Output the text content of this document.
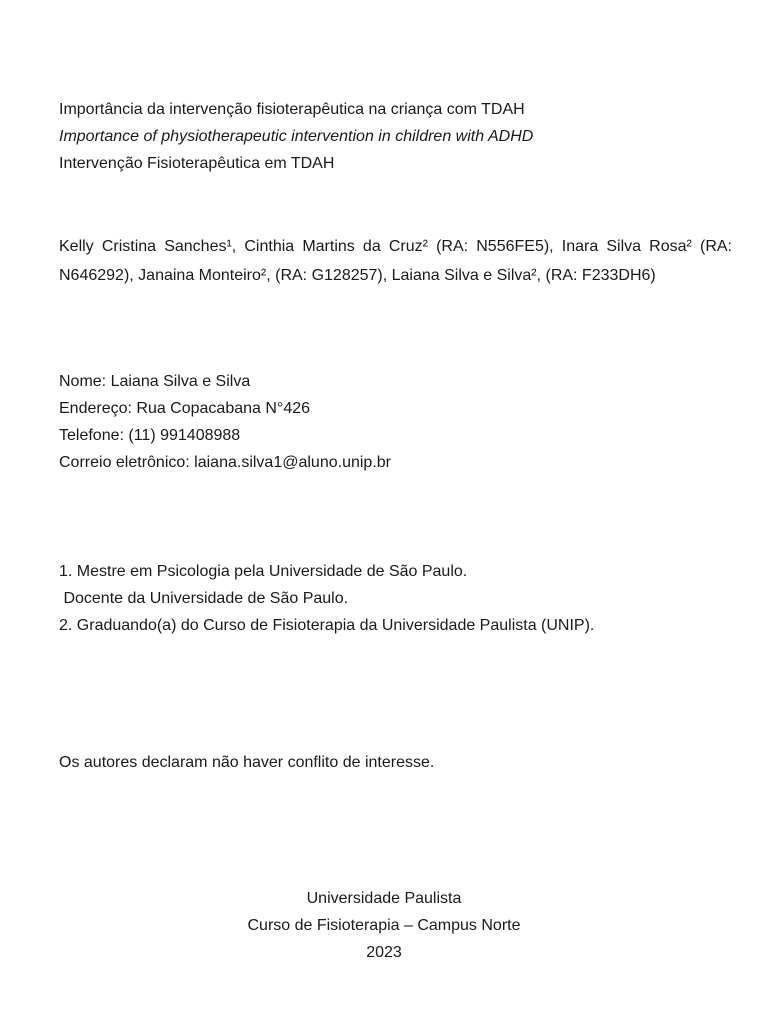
Importância da intervenção fisioterapêutica na criança com TDAH
Importance of physiotherapeutic intervention in children with ADHD
Intervenção Fisioterapêutica em TDAH
Kelly Cristina Sanches¹, Cinthia Martins da Cruz² (RA: N556FE5), Inara Silva Rosa² (RA: N646292), Janaina Monteiro², (RA: G128257), Laiana Silva e Silva², (RA: F233DH6)
Nome: Laiana Silva e Silva
Endereço: Rua Copacabana N°426
Telefone: (11) 991408988
Correio eletrônico: laiana.silva1@aluno.unip.br
1. Mestre em Psicologia pela Universidade de São Paulo.
Docente da Universidade de São Paulo.
2. Graduando(a) do Curso de Fisioterapia da Universidade Paulista (UNIP).
Os autores declaram não haver conflito de interesse.
Universidade Paulista
Curso de Fisioterapia – Campus Norte
2023
